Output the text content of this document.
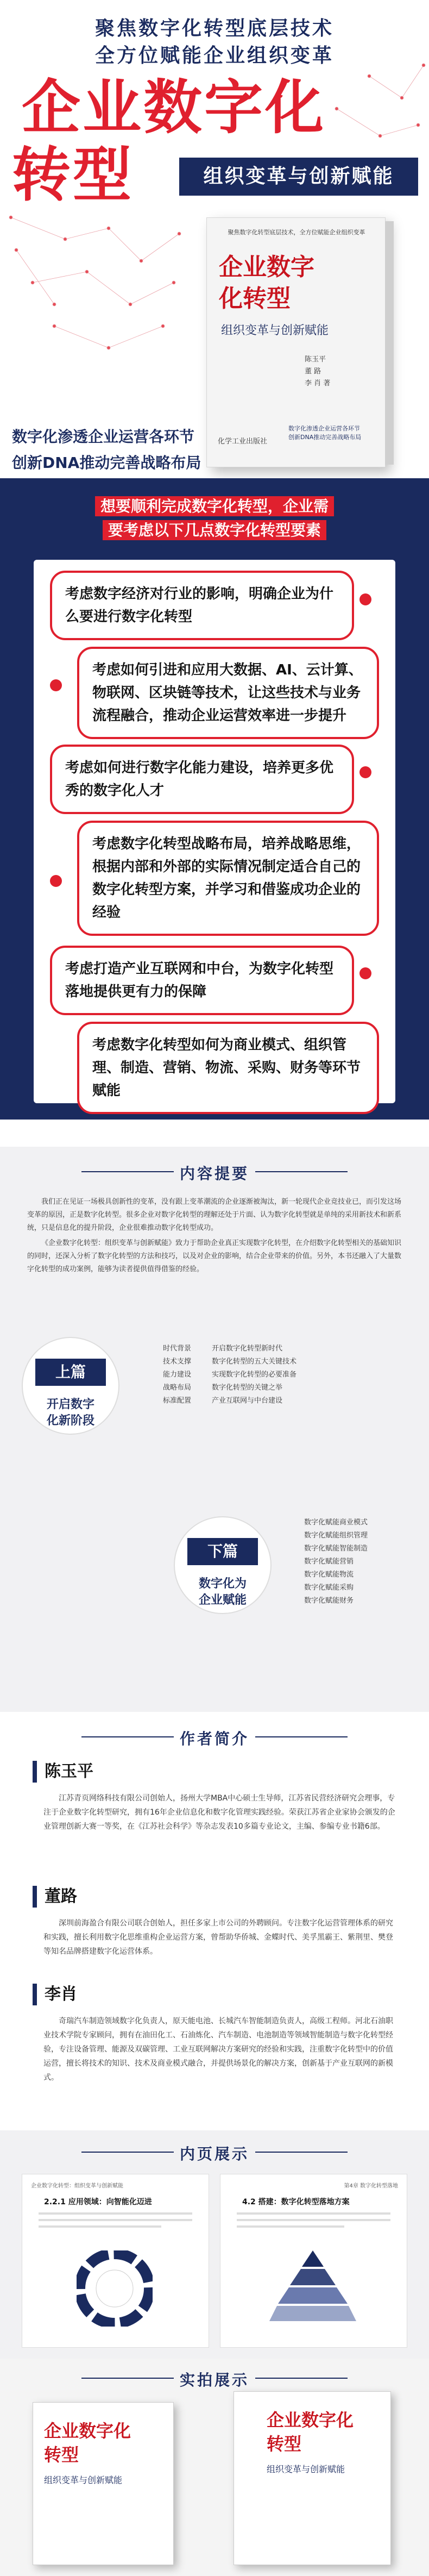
聚焦数字化转型底层技术
全方位赋能企业组织变革
企业数字化
转型	组织变革与创新赋能
聚焦数字化转型底层技术，全方位赋能企业组织变革
企业数字化转型
组织变革与创新赋能
陈玉平
董 路
李 肖 著
数字化渗透企业运营各环节
创新DNA推动完善战略布局
化学工业出版社
数字化渗透企业运营各环节
创新DNA推动完善战略布局
想要顺利完成数字化转型，企业需
要考虑以下几点数字化转型要素
考虑数字经济对行业的影响，明确企业为什么要进行数字化转型
考虑如何引进和应用大数据、AI、云计算、物联网、区块链等技术，让这些技术与业务流程融合，推动企业运营效率进一步提升
考虑如何进行数字化能力建设，培养更多优秀的数字化人才
考虑数字化转型战略布局，培养战略思维，根据内部和外部的实际情况制定适合自己的数字化转型方案，并学习和借鉴成功企业的经验
考虑打造产业互联网和中台，为数字化转型落地提供更有力的保障
考虑数字化转型如何为商业模式、组织管理、制造、营销、物流、采购、财务等环节赋能
内容提要

我们正在见证一场极具创新性的变革，没有跟上变革潮流的企业逐渐被淘汰，新一轮现代企业竞技业已，而引发这场变革的原因，正是数字化转型。很多企业对数字化转型的理解还处于片面、认为数字化转型就是单纯的采用新技术和新系统，只是信息化的提升阶段，企业很难推动数字化转型成功。

《企业数字化转型：组织变革与创新赋能》致力于帮助企业真正实现数字化转型，在介绍数字化转型相关的基础知识的同时，还深入分析了数字化转型的方法和技巧，以及对企业的影响，结合企业带来的价值。另外，本书还融入了大量数字化转型的成功案例，能够为读者提供值得借鉴的经验。

上篇
开启数字
化新阶段
时代背景	开启数字化转型新时代
技术支撑	数字化转型的五大关键技术
能力建设	实现数字化转型的必要准备
战略布局	数字化转型的关键之举
标准配置	产业互联网与中台建设
下篇
数字化为
企业赋能
数字化赋能商业模式
数字化赋能组织管理
数字化赋能智能制造
数字化赋能营销
数字化赋能物流
数字化赋能采购
数字化赋能财务
作者简介
陈玉平
江苏青页网络科技有限公司创始人，扬州大学MBA中心硕士生导师，江苏省民营经济研究会理事，专注于企业数字化转型研究，拥有16年企业信息化和数字化管理实践经验。荣获江苏省企业家协会颁发的企业管理创新大赛一等奖，在《江苏社会科学》等杂志发表10多篇专业论文，主编、参编专业书籍6部。
董路
深圳前海盈合有限公司联合创始人，担任多家上市公司的外聘顾问。专注数字化运营管理体系的研究和实践，擅长利用数字化思维重构企业运营方案，曾帮助华侨城、金蝶时代、美孚黑霸王、紫荆里、樊登等知名品牌搭建数字化运营体系。
李肖
奇瑞汽车制造领域数字化负责人，原天能电池、长城汽车智能制造负责人，高级工程师。河北石油职业技术学院专家顾问，拥有在油田化工、石油炼化、汽车制造、电池制造等领域智能制造与数字化转型经验，专注设备管理、能源及双碳管理、工业互联网解决方案研究的经验和实践，注重数字化转型中的价值运营，擅长将技术的知识、技术及商业模式融合，并提供场景化的解决方案，创新基于产业互联网的新模式。
内页展示
企业数字化转型：组织变革与创新赋能
2.2.1 应用领域：向智能化迈进
第4章 数字化转型落地
4.2 搭建：数字化转型落地方案
实拍展示
企业数字化
转型
组织变革与创新赋能
企业数字化
转型
组织变革与创新赋能
